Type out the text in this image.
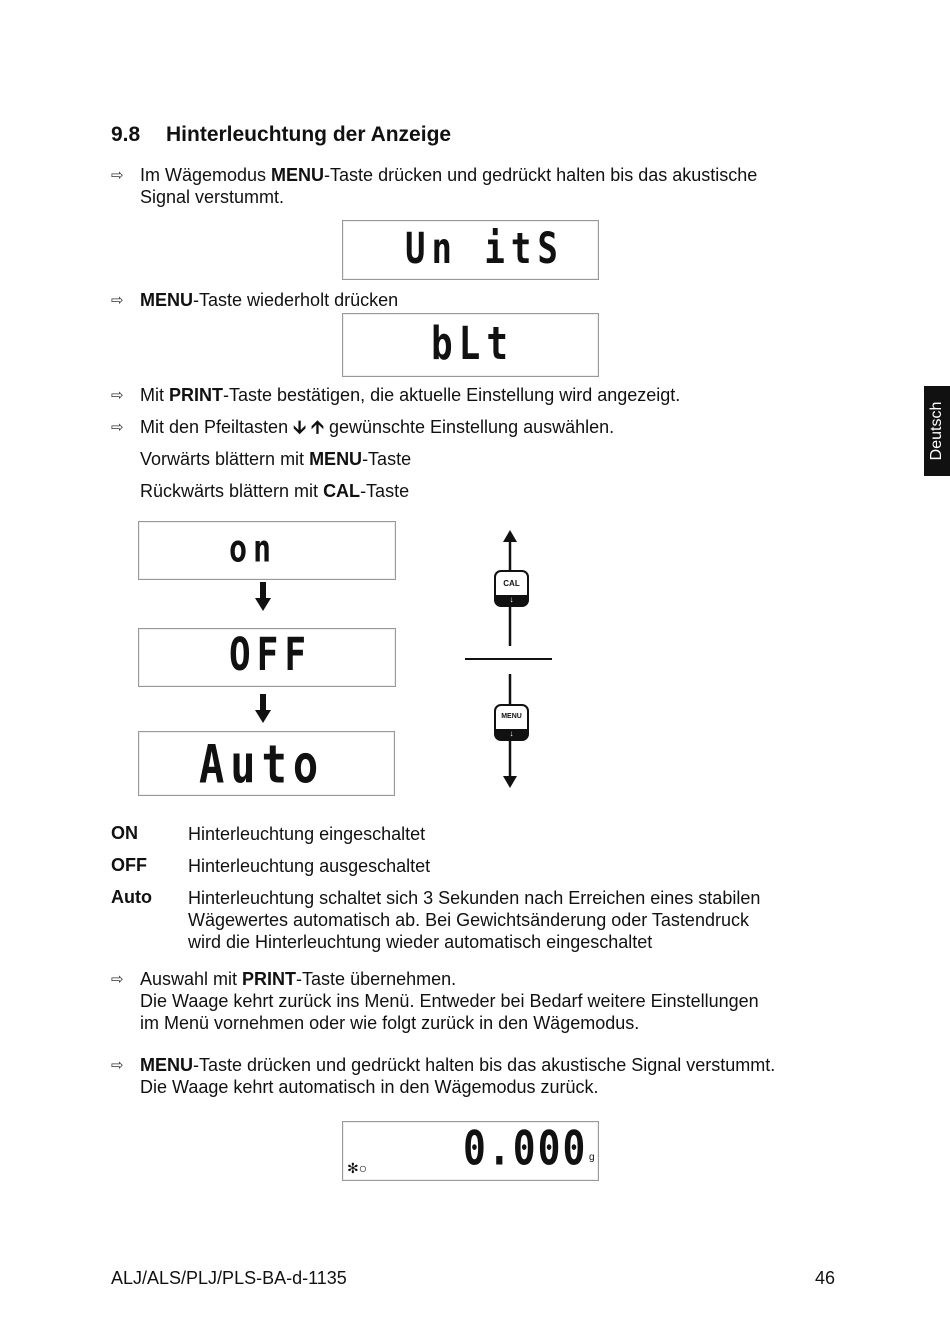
9.8 Hinterleuchtung der Anzeige
⇨ Im Wägemodus MENU-Taste drücken und gedrückt halten bis das akustische
Signal verstummt.
Un itS
⇨ MENU-Taste wiederholt drücken
bLt
⇨ Mit PRINT-Taste bestätigen, die aktuelle Einstellung wird angezeigt.
⇨ Mit den Pfeiltasten 🡫 🡩 gewünschte Einstellung auswählen.
Vorwärts blättern mit MENU-Taste
Rückwärts blättern mit CAL-Taste
on
OFF
Auto
CAL
↓
MENU
↓
ON	Hinterleuchtung eingeschaltet
OFF Hinterleuchtung ausgeschaltet
Auto Hinterleuchtung schaltet sich 3 Sekunden nach Erreichen eines stabilen
Wägewertes automatisch ab. Bei Gewichtsänderung oder Tastendruck
wird die Hinterleuchtung wieder automatisch eingeschaltet
⇨ Auswahl mit PRINT-Taste übernehmen.
Die Waage kehrt zurück ins Menü. Entweder bei Bedarf weitere Einstellungen
im Menü vornehmen oder wie folgt zurück in den Wägemodus.
⇨ MENU-Taste drücken und gedrückt halten bis das akustische Signal verstummt.
Die Waage kehrt automatisch in den Wägemodus zurück.
0.000 g
✻○
Deutsch
ALJ/ALS/PLJ/PLS-BA-d-1135	46
